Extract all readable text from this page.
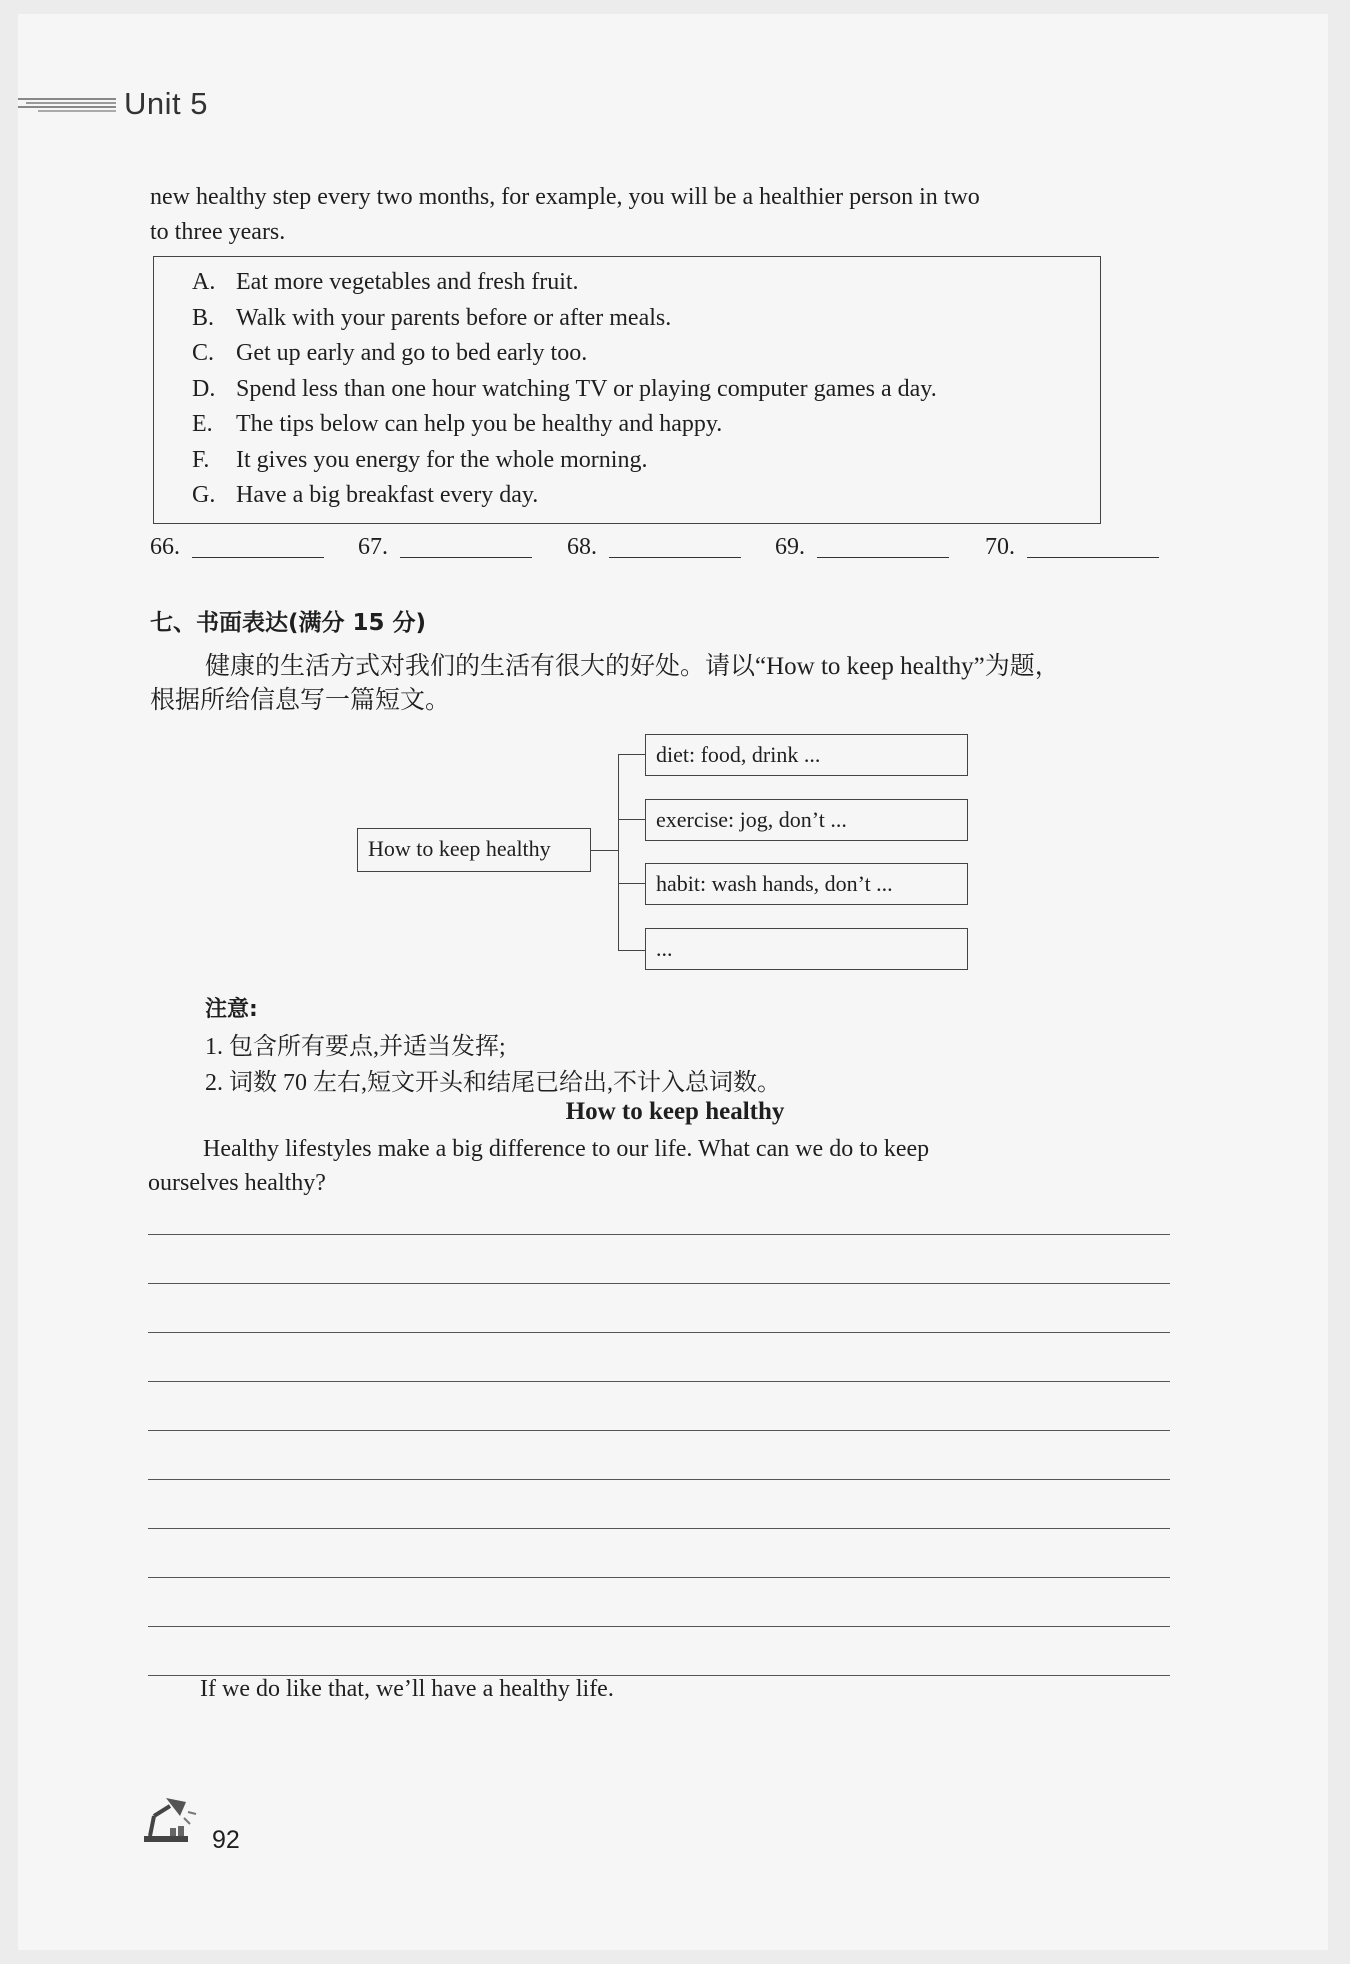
Unit 5
new healthy step every two months, for example, you will be a healthier person in two
to three years.
A. Eat more vegetables and fresh fruit.
B. Walk with your parents before or after meals.
C. Get up early and go to bed early too.
D. Spend less than one hour watching TV or playing computer games a day.
E. The tips below can help you be healthy and happy.
F. It gives you energy for the whole morning.
G. Have a big breakfast every day.
66.	67.	68.	69.	70.
七、书面表达(满分 15 分)
健康的生活方式对我们的生活有很大的好处。请以“How to keep healthy”为题，
根据所给信息写一篇短文。
How to keep healthy
diet: food, drink ...
exercise: jog, don’t ...
habit: wash hands, don’t ...
...
注意:
1. 包含所有要点,并适当发挥;
2. 词数 70 左右,短文开头和结尾已给出,不计入总词数。
How to keep healthy
Healthy lifestyles make a big difference to our life. What can we do to keep
ourselves healthy?
If we do like that, we’ll have a healthy life.
92
